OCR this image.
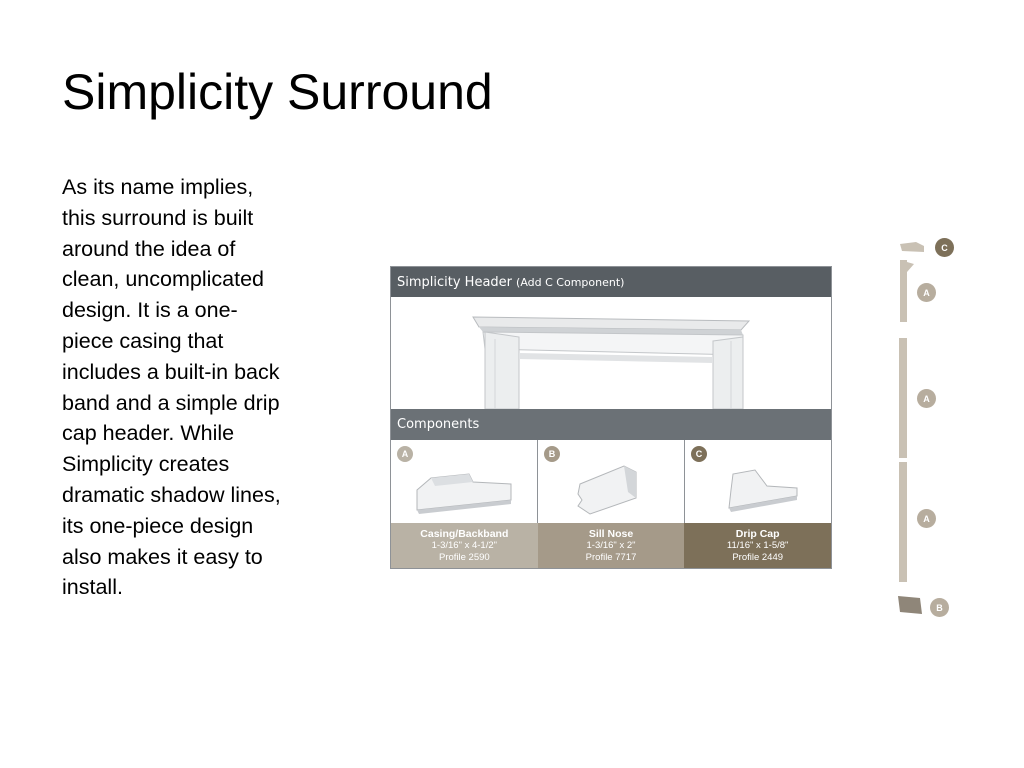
Simplicity Surround

As its name implies, this surround is built around the idea of clean, uncomplicated design. It is a one-piece casing that includes a built-in back band and a simple drip cap header. While Simplicity creates dramatic shadow lines, its one-piece design also makes it easy to install.

Simplicity Header (Add C Component)
Components
A	B	C
Casing/Backband
1-3/16" x 4-1/2"
Profile 2590
Sill Nose
1-3/16" x 2"
Profile 7717
Drip Cap
11/16" x 1-5/8"
Profile 2449
C
A
A
A
B
